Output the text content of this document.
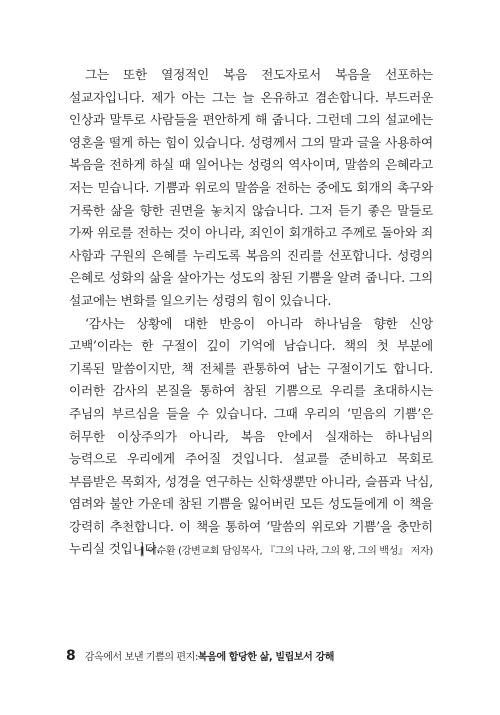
그는 또한 열정적인 복음 전도자로서 복음을 선포하는 설교자입니다. 제가 아는 그는 늘 온유하고 겸손합니다. 부드러운 인상과 말투로 사람들을 편안하게 해 줍니다. 그런데 그의 설교에는 영혼을 떨게 하는 힘이 있습니다. 성령께서 그의 말과 글을 사용하여 복음을 전하게 하실 때 일어나는 성령의 역사이며, 말씀의 은혜라고 저는 믿습니다. 기쁨과 위로의 말씀을 전하는 중에도 회개의 촉구와 거룩한 삶을 향한 권면을 놓치지 않습니다. 그저 듣기 좋은 말들로 가짜 위로를 전하는 것이 아니라, 죄인이 회개하고 주께로 돌아와 죄 사함과 구원의 은혜를 누리도록 복음의 진리를 선포합니다. 성령의 은혜로 성화의 삶을 살아가는 성도의 참된 기쁨을 알려 줍니다. 그의 설교에는 변화를 일으키는 성령의 힘이 있습니다.

‘감사는 상황에 대한 반응이 아니라 하나님을 향한 신앙 고백’이라는 한 구절이 깊이 기억에 남습니다. 책의 첫 부분에 기록된 말씀이지만, 책 전체를 관통하여 남는 구절이기도 합니다. 이러한 감사의 본질을 통하여 참된 기쁨으로 우리를 초대하시는 주님의 부르심을 들을 수 있습니다. 그때 우리의 ‘믿음의 기쁨’은 허무한 이상주의가 아니라, 복음 안에서 실재하는 하나님의 능력으로 우리에게 주어질 것입니다. 설교를 준비하고 목회로 부름받은 목회자, 성경을 연구하는 신학생뿐만 아니라, 슬픔과 낙심, 염려와 불안 가운데 참된 기쁨을 잃어버린 모든 성도들에게 이 책을 강력히 추천합니다. 이 책을 통하여 ‘말씀의 위로와 기쁨’을 충만히 누리실 것입니다.

‖ 이수환 (강변교회 담임목사, 『그의 나라, 그의 왕, 그의 백성』 저자)
8 감옥에서 보낸 기쁨의 편지: 복음에 합당한 삶, 빌립보서 강해
